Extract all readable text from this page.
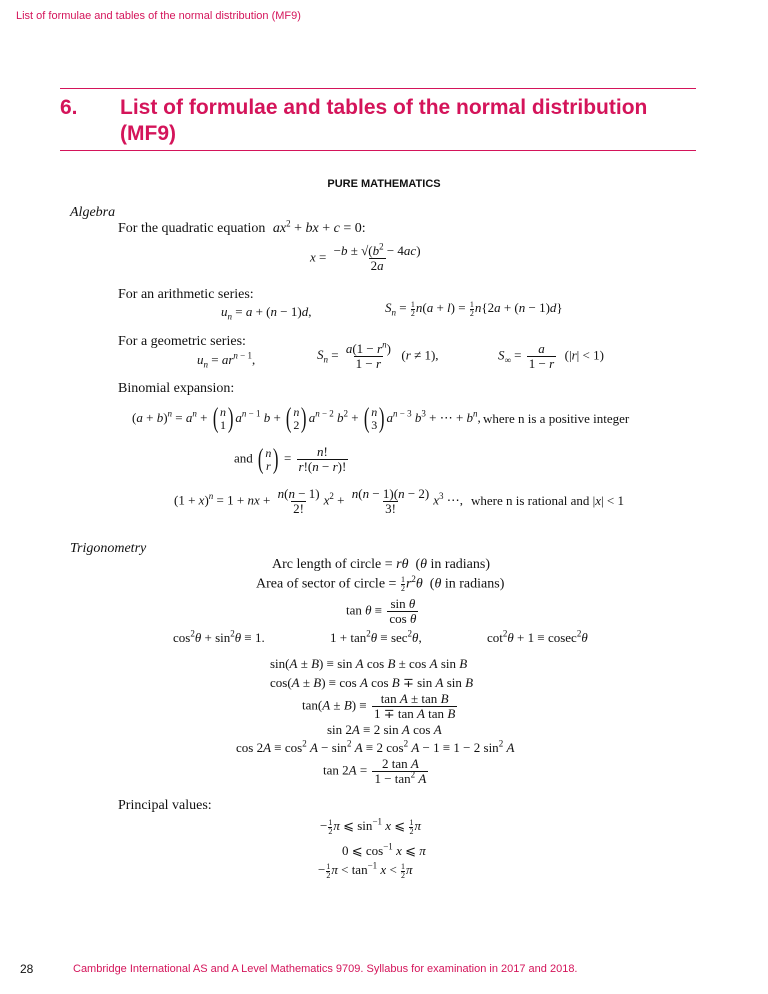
List of formulae and tables of the normal distribution (MF9)
6. List of formulae and tables of the normal distribution
(MF9)
PURE MATHEMATICS
Algebra
For the quadratic equation $ax^2$ + bx + c = 0:
$x = \frac{-b \pm √(b^2 - 4ac)}{2a}$
For an arithmetic series:
$u_n = a + (n - 1)d$,	$S_n = \frac{1}{2} n(a + l) = \frac{1}{2} n\{2a + (n - 1)d\}$
For a geometric series:
$u_n = ar^{n - 1}$,	$S_n = \frac{a(1 - r^n)}{1 - r} (r \ne 1)$,	$S_\infty = \frac{a}{1 - r} (|r| < 1)$
Binomial expansion:
$(a + b)^n = a^n$ + ( n
1 ) $a^{n - 1}$ b + ( n
2 ) $a^{n - 2}$ $b^2$ + ( n
3 ) $a^{n - 3}$ $b^3$ + ⋯ + $b^n$, where n is a positive integer
and ( n
r ) = $\frac{n!}{r!(n - r)!}$
$(1 + x)^n = 1$ + nx + $\frac{n(n - 1)}{2!} x^2 + \frac{n(n - 1)(n - 2)}{3!} x^3$ ⋯, where n is rational and |x| < 1
Trigonometry
Arc length of circle = rθ  (θ in radians)
Area of sector of circle = $\frac{1}{2} r^2\theta$  (θ in radians)
$\tan \theta \equiv \frac{\text{sin θ}}{\text{cos θ}}$
$\cos^2\theta + \sin^2\theta \equiv 1$.	$1 + \tan^2\theta \equiv \sec^2\theta$,	$\cot^2\theta + 1 \equiv cosec^2\theta$
sin(A ± B) ≡ sin A cos B ± cos A sin B
cos(A ± B) ≡ cos A cos B ∓ sin A sin B
$\tan(A \pm B) \equiv \frac{\text{tan A ± tan B}}{\text{1 ∓ tan A tan B}}$
sin 2A ≡ 2 sin A cos A
$\cos 2A \equiv \cos^2 A - \sin^2 A \equiv 2$ $\cos^2 A - 1 \equiv 1 - 2$ $\sin^2 A$
$\tan 2A = \frac{\text{2 tan A}}{1 - \tan^2 A}$
Principal values:
− $\frac{1}{2}$ π ⩽ $\sin^{-1} x$ ⩽ $\frac{1}{2}$ π
0 ⩽ $\cos^{-1} x$ ⩽ π
− $\frac{1}{2}$ $\pi < \tan^{-1} x < \frac{1}{2}$ π
28	Cambridge International AS and A Level Mathematics 9709. Syllabus for examination in 2017 and 2018.
